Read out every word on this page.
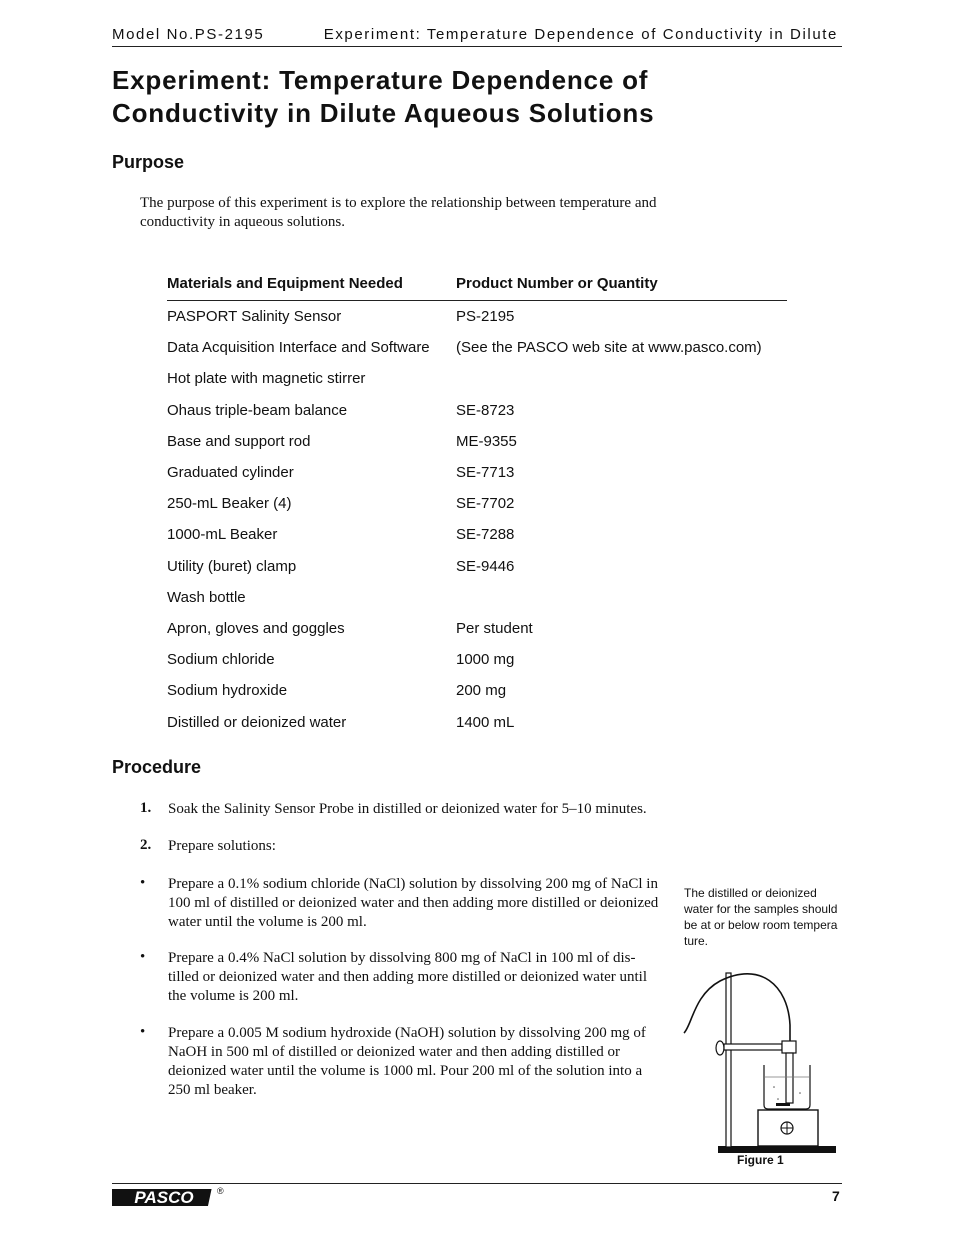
Model No.PS-2195	Experiment: Temperature Dependence of Conductivity in Dilute
Experiment: Temperature Dependence of
Conductivity in Dilute Aqueous Solutions
Purpose
The purpose of this experiment is to explore the relationship between temperature and
conductivity in aqueous solutions.
Materials and Equipment Needed	Product Number or Quantity
PASPORT Salinity Sensor	PS-2195
Data Acquisition Interface and Software	(See the PASCO web site at www.pasco.com)
Hot plate with magnetic stirrer
Ohaus triple-beam balance	SE-8723
Base and support rod	ME-9355
Graduated cylinder	SE-7713
250-mL Beaker (4)	SE-7702
1000-mL Beaker	SE-7288
Utility (buret) clamp	SE-9446
Wash bottle
Apron, gloves and goggles	Per student
Sodium chloride	1000 mg
Sodium hydroxide	200 mg
Distilled or deionized water	1400 mL
Procedure
1. Soak the Salinity Sensor Probe in distilled or deionized water for 5–10 minutes.
2. Prepare solutions:
• Prepare a 0.1% sodium chloride (NaCl) solution by dissolving 200 mg of NaCl in
100 ml of distilled or deionized water and then adding more distilled or deionized
water until the volume is 200 ml.
• Prepare a 0.4% NaCl solution by dissolving 800 mg of NaCl in 100 ml of dis-
tilled or deionized water and then adding more distilled or deionized water until
the volume is 200 ml.
• Prepare a 0.005 M sodium hydroxide (NaOH) solution by dissolving 200 mg of
NaOH in 500 ml of distilled or deionized water and then adding distilled or
deionized water until the volume is 1000 ml. Pour 200 ml of the solution into a
250 ml beaker.
The distilled or deionized
water for the samples should
be at or below room tempera
ture.
Figure 1
PASCO	®	7
